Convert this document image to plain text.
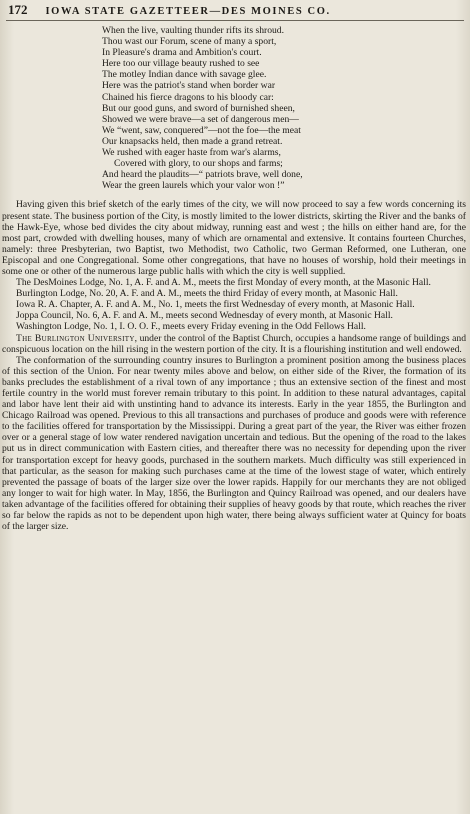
172 IOWA STATE GAZETTEER—DES MOINES CO.
When the live, vaulting thunder rifts its shroud.
Thou wast our Forum, scene of many a sport,
In Pleasure's drama and Ambition's court.
Here too our village beauty rushed to see
The motley Indian dance with savage glee.
Here was the patriot's stand when border war
Chained his fierce dragons to his bloody car:
But our good guns, and sword of burnished sheen,
Showed we were brave—a set of dangerous men—
We “went, saw, conquered”—not the foe—the meat
Our knapsacks held, then made a grand retreat.
We rushed with eager haste from war's alarms,
Covered with glory, to our shops and farms;
And heard the plaudits—“ patriots brave, well done,
Wear the green laurels which your valor won !”

Having given this brief sketch of the early times of the city, we will now proceed to say a few words concerning its present state. The business portion of the City, is mostly limited to the lower districts, skirting the River and the banks of the Hawk-Eye, whose bed divides the city about midway, running east and west ; the hills on either hand are, for the most part, crowded with dwelling houses, many of which are ornamental and extensive. It contains fourteen Churches, namely: three Presbyterian, two Baptist, two Methodist, two Catholic, two German Reformed, one Lutheran, one Episcopal and one Congregational. Some other congregations, that have no houses of worship, hold their meetings in some one or other of the numerous large public halls with which the city is well supplied.

The DesMoines Lodge, No. 1, A. F. and A. M., meets the first Monday of every month, at the Masonic Hall.

Burlington Lodge, No. 20, A. F. and A. M., meets the third Friday of every month, at Masonic Hall.

Iowa R. A. Chapter, A. F. and A. M., No. 1, meets the first Wednesday of every month, at Masonic Hall.

Joppa Council, No. 6, A. F. and A. M., meets second Wednesday of every month, at Masonic Hall.

Washington Lodge, No. 1, I. O. O. F., meets every Friday evening in the Odd Fellows Hall.

The Burlington University, under the control of the Baptist Church, occupies a handsome range of buildings and conspicuous location on the hill rising in the western portion of the city. It is a flourishing institution and well endowed.

The conformation of the surrounding country insures to Burlington a prominent position among the business places of this section of the Union. For near twenty miles above and below, on either side of the River, the formation of its banks precludes the establishment of a rival town of any importance ; thus an extensive section of the finest and most fertile country in the world must forever remain tributary to this point. In addition to these natural advantages, capital and labor have lent their aid with unstinting hand to advance its interests. Early in the year 1855, the Burlington and Chicago Railroad was opened. Previous to this all transactions and purchases of produce and goods were with reference to the facilities offered for transportation by the Mississippi. During a great part of the year, the River was either frozen over or a general stage of low water rendered navigation uncertain and tedious. But the opening of the road to the lakes put us in direct communication with Eastern cities, and thereafter there was no necessity for depending upon the river for transportation except for heavy goods, purchased in the southern markets. Much difficulty was still experienced in that particular, as the season for making such purchases came at the time of the lowest stage of water, which entirely prevented the passage of boats of the larger size over the lower rapids. Happily for our merchants they are not obliged any longer to wait for high water. In May, 1856, the Burlington and Quincy Railroad was opened, and our dealers have taken advantage of the facilities offered for obtaining their supplies of heavy goods by that route, which reaches the river so far below the rapids as not to be dependent upon high water, there being always sufficient water at Quincy for boats of the larger size.
